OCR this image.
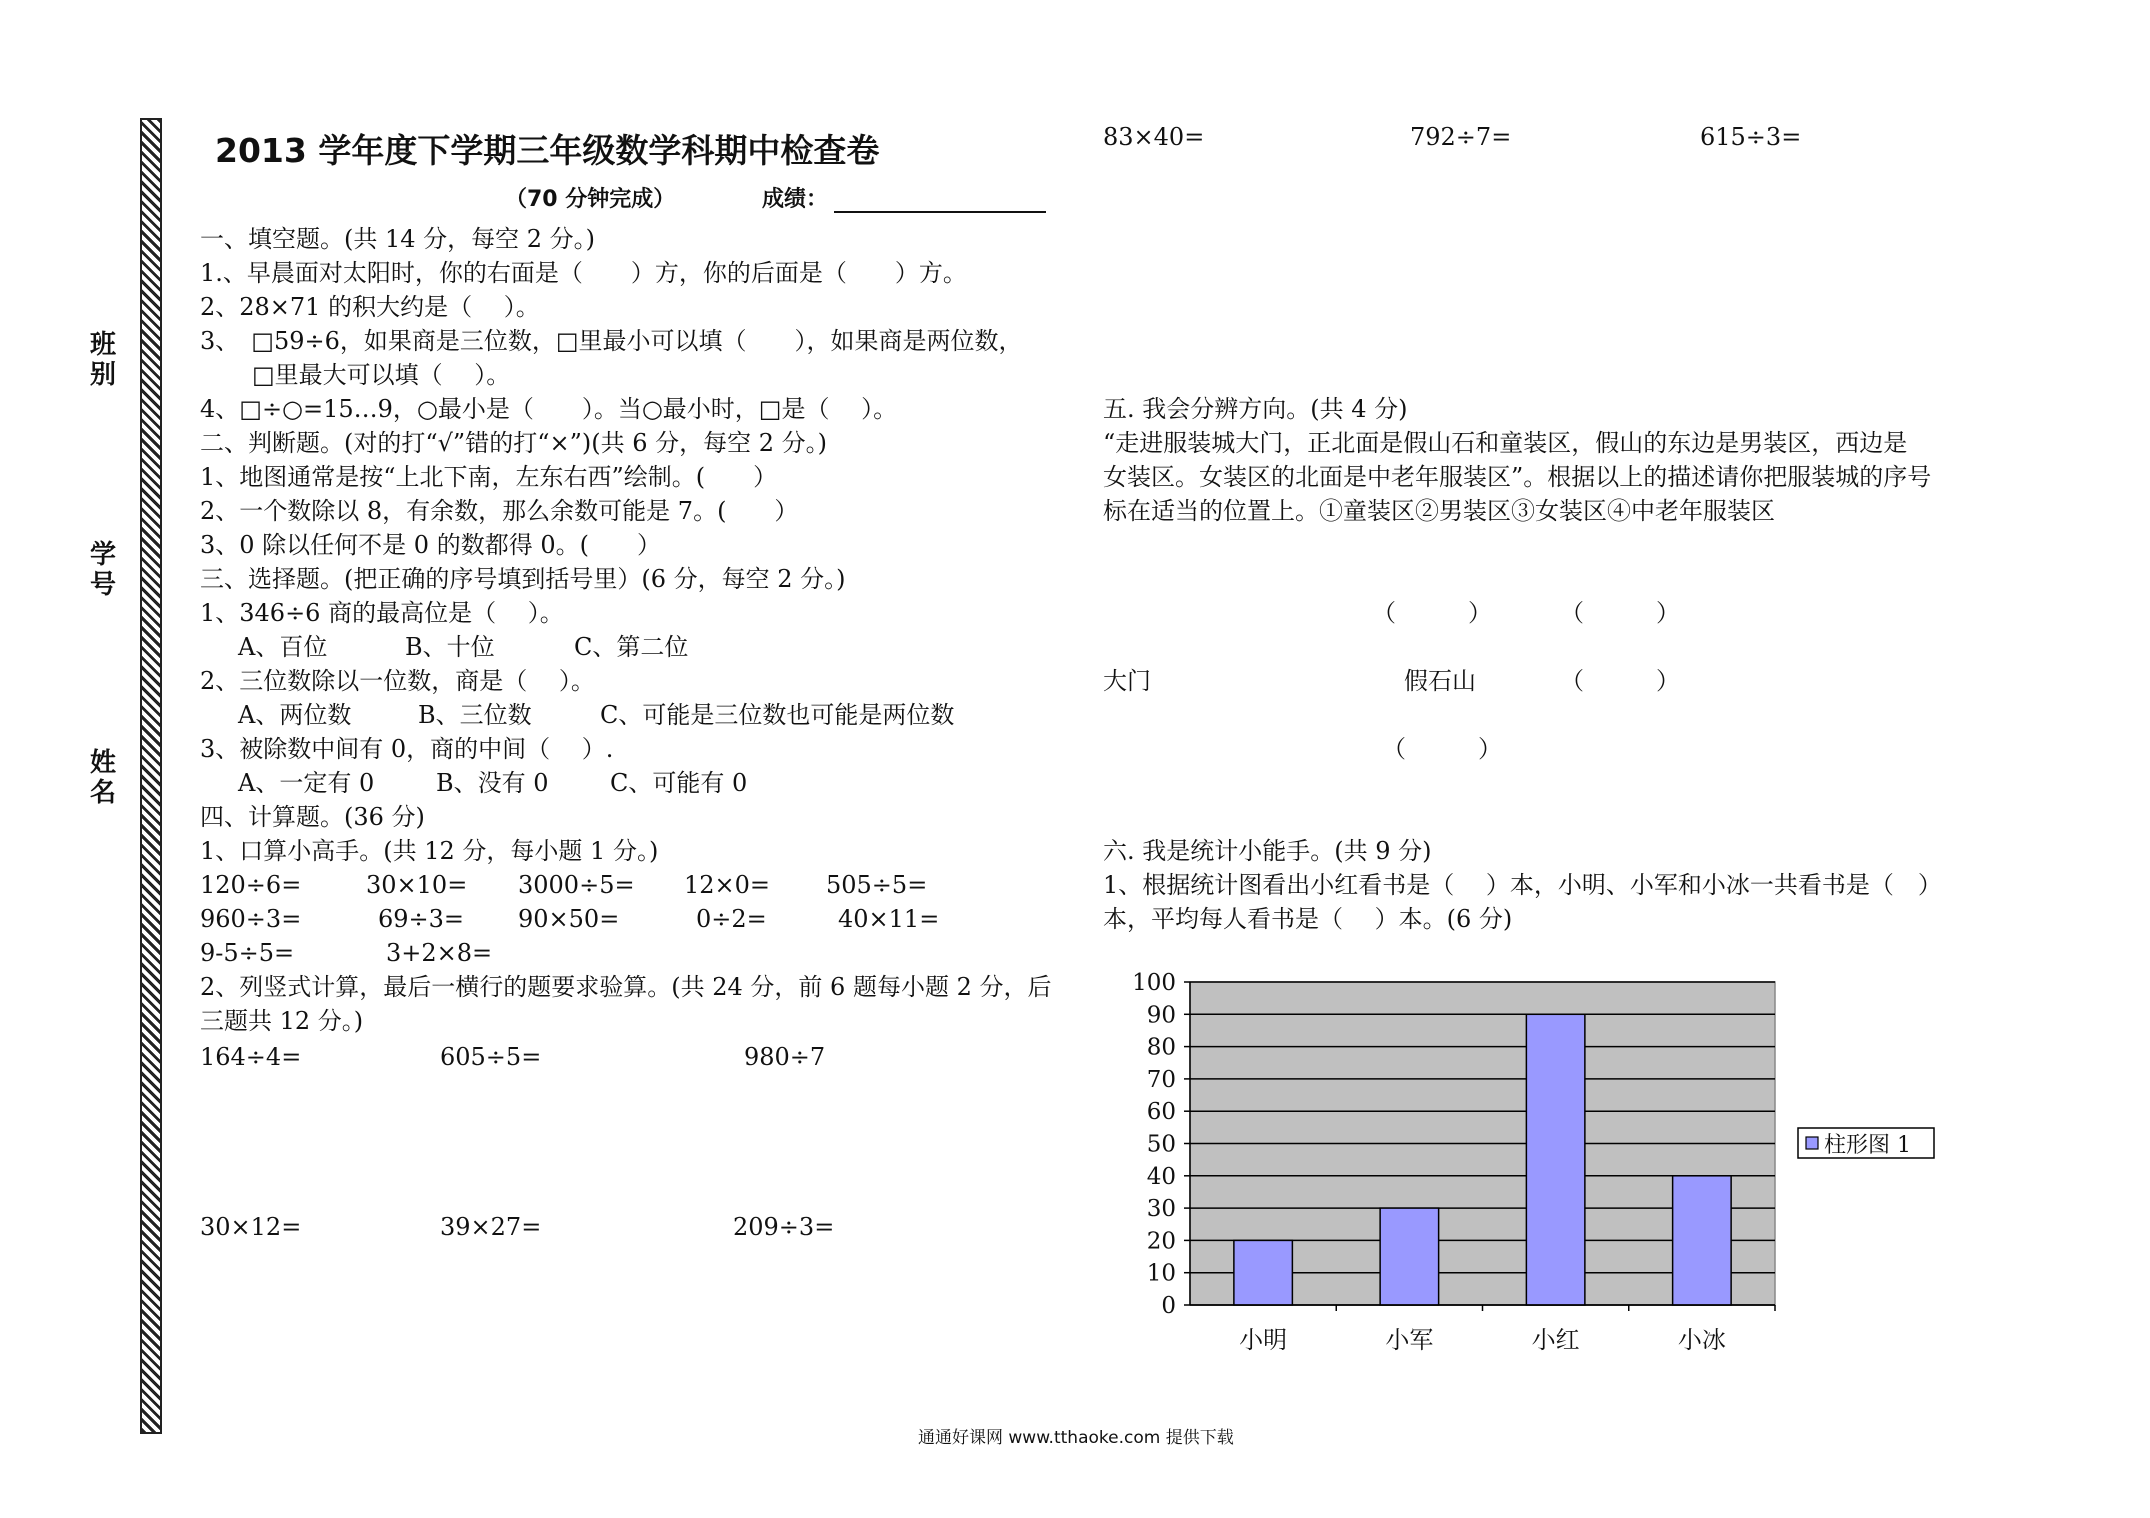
班别
学号
姓名
2013 学年度下学期三年级数学科期中检查卷
（70 分钟完成）	成绩：
一、填空题。(共 14 分，每空 2 分。)
1.、早晨面对太阳时，你的右面是（　　）方，你的后面是（　　）方。
2、28×71 的积大约是（　 ）。
3、　□59÷6，如果商是三位数，□里最小可以填（　　），如果商是两位数，
□里最大可以填（　 ）。
4、□÷○=15…9，○最小是（　　）。当○最小时，□是（　 ）。
二、判断题。(对的打“√”错的打“×”)(共 6 分，每空 2 分。)
1、地图通常是按“上北下南，左东右西”绘制。(　　）
2、一个数除以 8，有余数，那么余数可能是 7。(　　）
3、0 除以任何不是 0 的数都得 0。(　　）
三、选择题。(把正确的序号填到括号里）(6 分，每空 2 分。)
1、346÷6 商的最高位是（　 ）。
A、百位	B、十位	C、第二位
2、三位数除以一位数，商是（　 ）。
A、两位数	B、三位数	C、可能是三位数也可能是两位数
3、被除数中间有 0，商的中间（　 ）.
A、一定有 0	B、没有 0	C、可能有 0
四、计算题。(36 分)
1、口算小高手。(共 12 分，每小题 1 分。)
120÷6=	30×10= 3000÷5= 12×0= 505÷5=
960÷3=	69÷3= 90×50=	0÷2=	40×11=
9-5÷5=	3+2×8=
2、列竖式计算，最后一横行的题要求验算。(共 24 分，前 6 题每小题 2 分，后
三题共 12 分。)
164÷4=	605÷5=	980÷7
30×12=	39×27=	209÷3=
83×40=	792÷7=	615÷3=
五. 我会分辨方向。(共 4 分)
“走进服装城大门，正北面是假山石和童装区，假山的东边是男装区，西边是
女装区。女装区的北面是中老年服装区”。根据以上的描述请你把服装城的序号
标在适当的位置上。①童装区②男装区③女装区④中老年服装区
（　　　）	（　　　）
大门	假石山	（　　　）
（　　　）
六. 我是统计小能手。(共 9 分)
1、根据统计图看出小红看书是（　 ）本，小明、小军和小冰一共看书是（　）
本，平均每人看书是（　 ）本。(6 分)
0
10
20
30
40
50
60
70
80
90
100
小明	小军	小红	小冰
柱形图 1
通通好课网 www.tthaoke.com 提供下载
